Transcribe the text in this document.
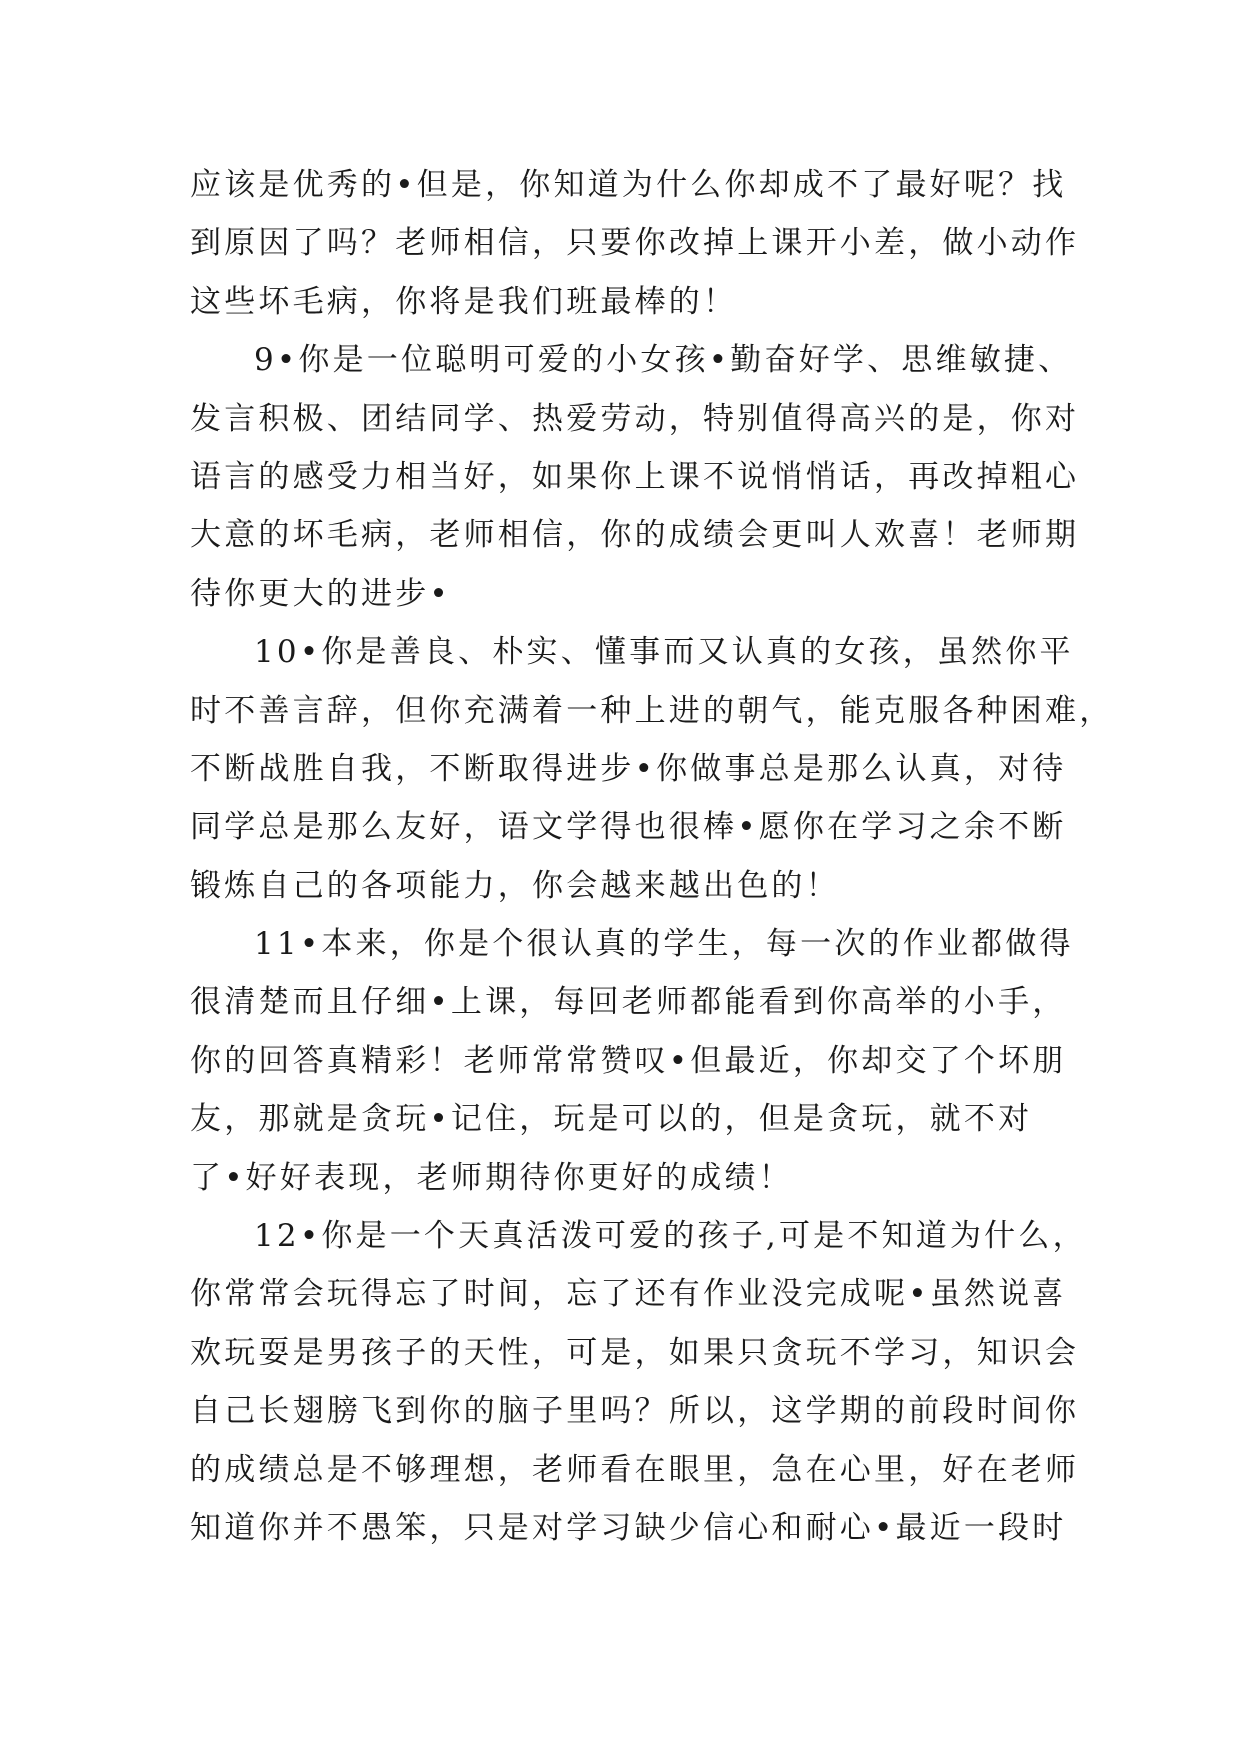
应该是优秀的•但是，你知道为什么你却成不了最好呢？找
到原因了吗？老师相信，只要你改掉上课开小差，做小动作
这些坏毛病，你将是我们班最棒的！
9•你是一位聪明可爱的小女孩•勤奋好学、思维敏捷、
发言积极、团结同学、热爱劳动，特别值得高兴的是，你对
语言的感受力相当好，如果你上课不说悄悄话，再改掉粗心
大意的坏毛病，老师相信，你的成绩会更叫人欢喜！老师期
待你更大的进步•
10•你是善良、朴实、懂事而又认真的女孩，虽然你平
时不善言辞，但你充满着一种上进的朝气，能克服各种困难，
不断战胜自我，不断取得进步•你做事总是那么认真，对待
同学总是那么友好，语文学得也很棒•愿你在学习之余不断
锻炼自己的各项能力，你会越来越出色的！
11•本来，你是个很认真的学生，每一次的作业都做得
很清楚而且仔细•上课，每回老师都能看到你高举的小手，
你的回答真精彩！老师常常赞叹•但最近，你却交了个坏朋
友，那就是贪玩•记住，玩是可以的，但是贪玩，就不对
了•好好表现，老师期待你更好的成绩！
12•你是一个天真活泼可爱的孩子,可是不知道为什么，
你常常会玩得忘了时间，忘了还有作业没完成呢•虽然说喜
欢玩耍是男孩子的天性，可是，如果只贪玩不学习，知识会
自己长翅膀飞到你的脑子里吗？所以，这学期的前段时间你
的成绩总是不够理想，老师看在眼里，急在心里，好在老师
知道你并不愚笨，只是对学习缺少信心和耐心•最近一段时
